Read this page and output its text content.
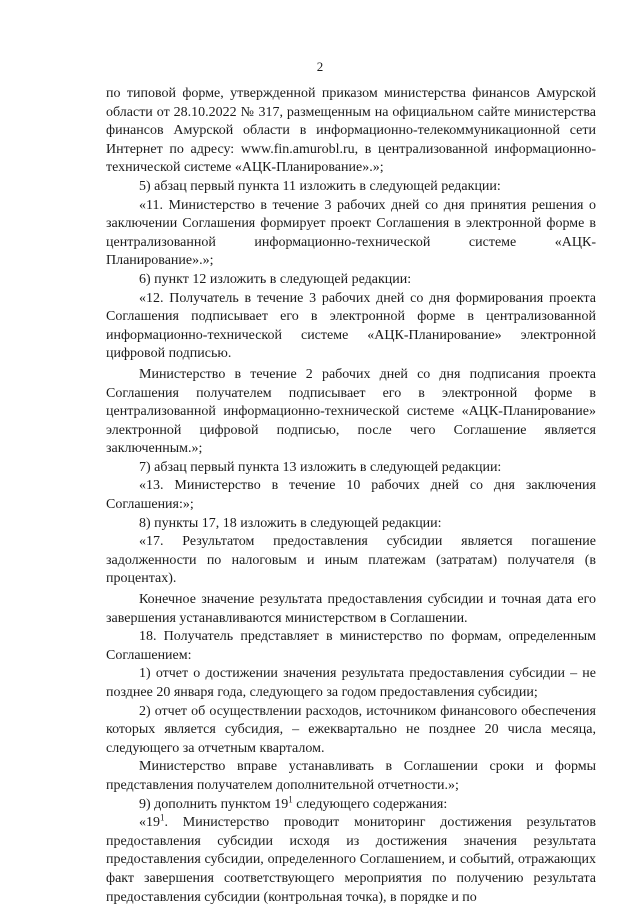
2

по типовой форме, утвержденной приказом министерства финансов Амурской области от 28.10.2022 № 317, размещенным на официальном сайте министерства финансов Амурской области в информационно-телекоммуникационной сети Интернет по адресу: www.fin.amurobl.ru, в централизованной информационно-технической системе «АЦК-Планирование».»;

5) абзац первый пункта 11 изложить в следующей редакции:

«11. Министерство в течение 3 рабочих дней со дня принятия решения о заключении Соглашения формирует проект Соглашения в электронной форме в централизованной информационно-технической системе «АЦК-Планирование».»;

6) пункт 12 изложить в следующей редакции:

«12. Получатель в течение 3 рабочих дней со дня формирования проекта Соглашения подписывает его в электронной форме в централизованной информационно-технической системе «АЦК-Планирование» электронной цифровой подписью.

Министерство в течение 2 рабочих дней со дня подписания проекта Соглашения получателем подписывает его в электронной форме в централизованной информационно-технической системе «АЦК-Планирование» электронной цифровой подписью, после чего Соглашение является заключенным.»;

7) абзац первый пункта 13 изложить в следующей редакции:

«13. Министерство в течение 10 рабочих дней со дня заключения Соглашения:»;

8) пункты 17, 18 изложить в следующей редакции:

«17. Результатом предоставления субсидии является погашение задолженности по налоговым и иным платежам (затратам) получателя (в процентах).

Конечное значение результата предоставления субсидии и точная дата его завершения устанавливаются министерством в Соглашении.

18. Получатель представляет в министерство по формам, определенным Соглашением:

1) отчет о достижении значения результата предоставления субсидии – не позднее 20 января года, следующего за годом предоставления субсидии;

2) отчет об осуществлении расходов, источником финансового обеспечения которых является субсидия, – ежеквартально не позднее 20 числа месяца, следующего за отчетным кварталом.

Министерство вправе устанавливать в Соглашении сроки и формы представления получателем дополнительной отчетности.»;

9) дополнить пунктом $19^1$ следующего содержания:

«$19^1$. Министерство проводит мониторинг достижения результатов предоставления субсидии исходя из достижения значения результата предоставления субсидии, определенного Соглашением, и событий, отражающих факт завершения соответствующего мероприятия по получению результата предоставления субсидии (контрольная точка), в порядке и по
